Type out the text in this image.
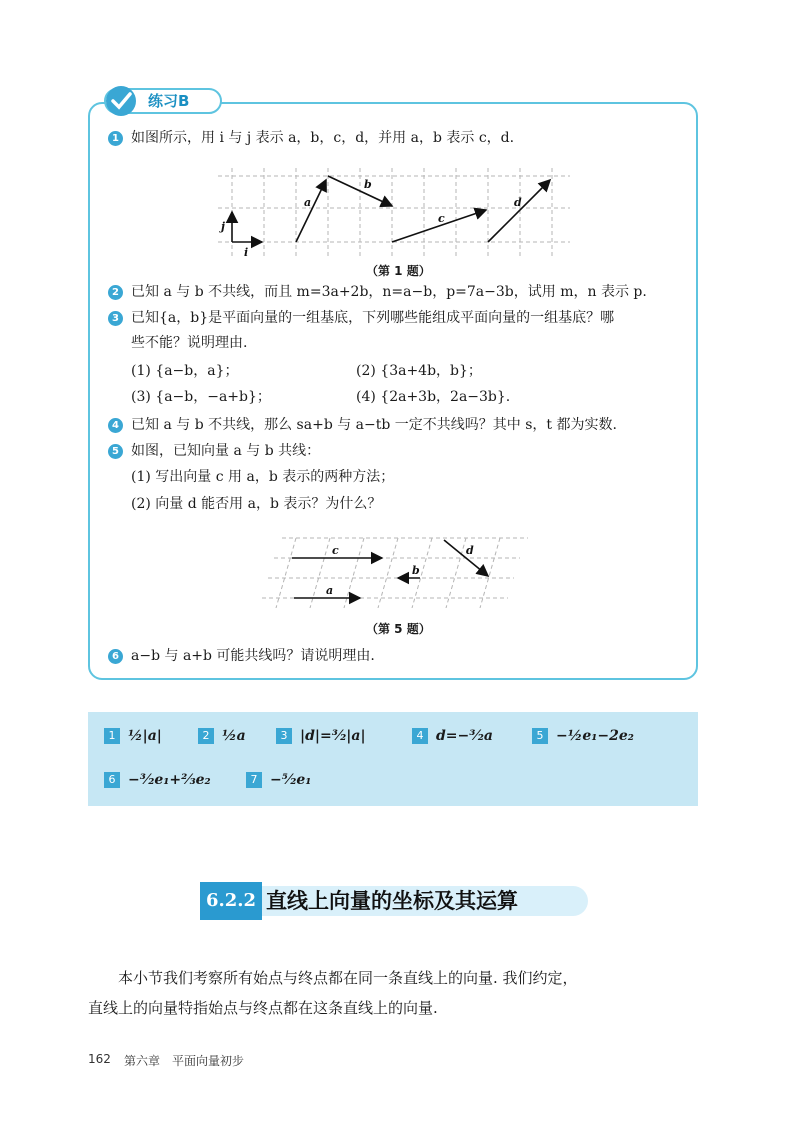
练习B
1 如图所示，用 i 与 j 表示 a，b，c，d，并用 a，b 表示 c，d.
j
i
a
b
c
d
（第 1 题）
2 已知 a 与 b 不共线，而且 m=3a+2b，n=a−b，p=7a−3b，试用 m，n 表示 p.
3 已知{a，b}是平面向量的一组基底，下列哪些能组成平面向量的一组基底？哪
些不能？说明理由.
(1) {a−b，a}；	(2) {3a+4b，b}；
(3) {a−b，−a+b}；	(4) {2a+3b，2a−3b}.
4 已知 a 与 b 不共线，那么 sa+b 与 a−tb 一定不共线吗？其中 s，t 都为实数.
5 如图，已知向量 a 与 b 共线：
(1) 写出向量 c 用 a，b 表示的两种方法；
(2) 向量 d 能否用 a，b 表示？为什么？
c
b
a
d
（第 5 题）
6 a−b 与 a+b 可能共线吗？请说明理由.
1 ½|a|	2 ½a	3 |d|=³⁄₂|a|	4 d=−³⁄₂a	5 −½e₁−2e₂
6 −³⁄₂e₁+⅔e₂	7 −⁵⁄₂e₁
6.2.2 直线上向量的坐标及其运算
本小节我们考察所有始点与终点都在同一条直线上的向量. 我们约定，
直线上的向量特指始点与终点都在这条直线上的向量.
162 第六章　平面向量初步
